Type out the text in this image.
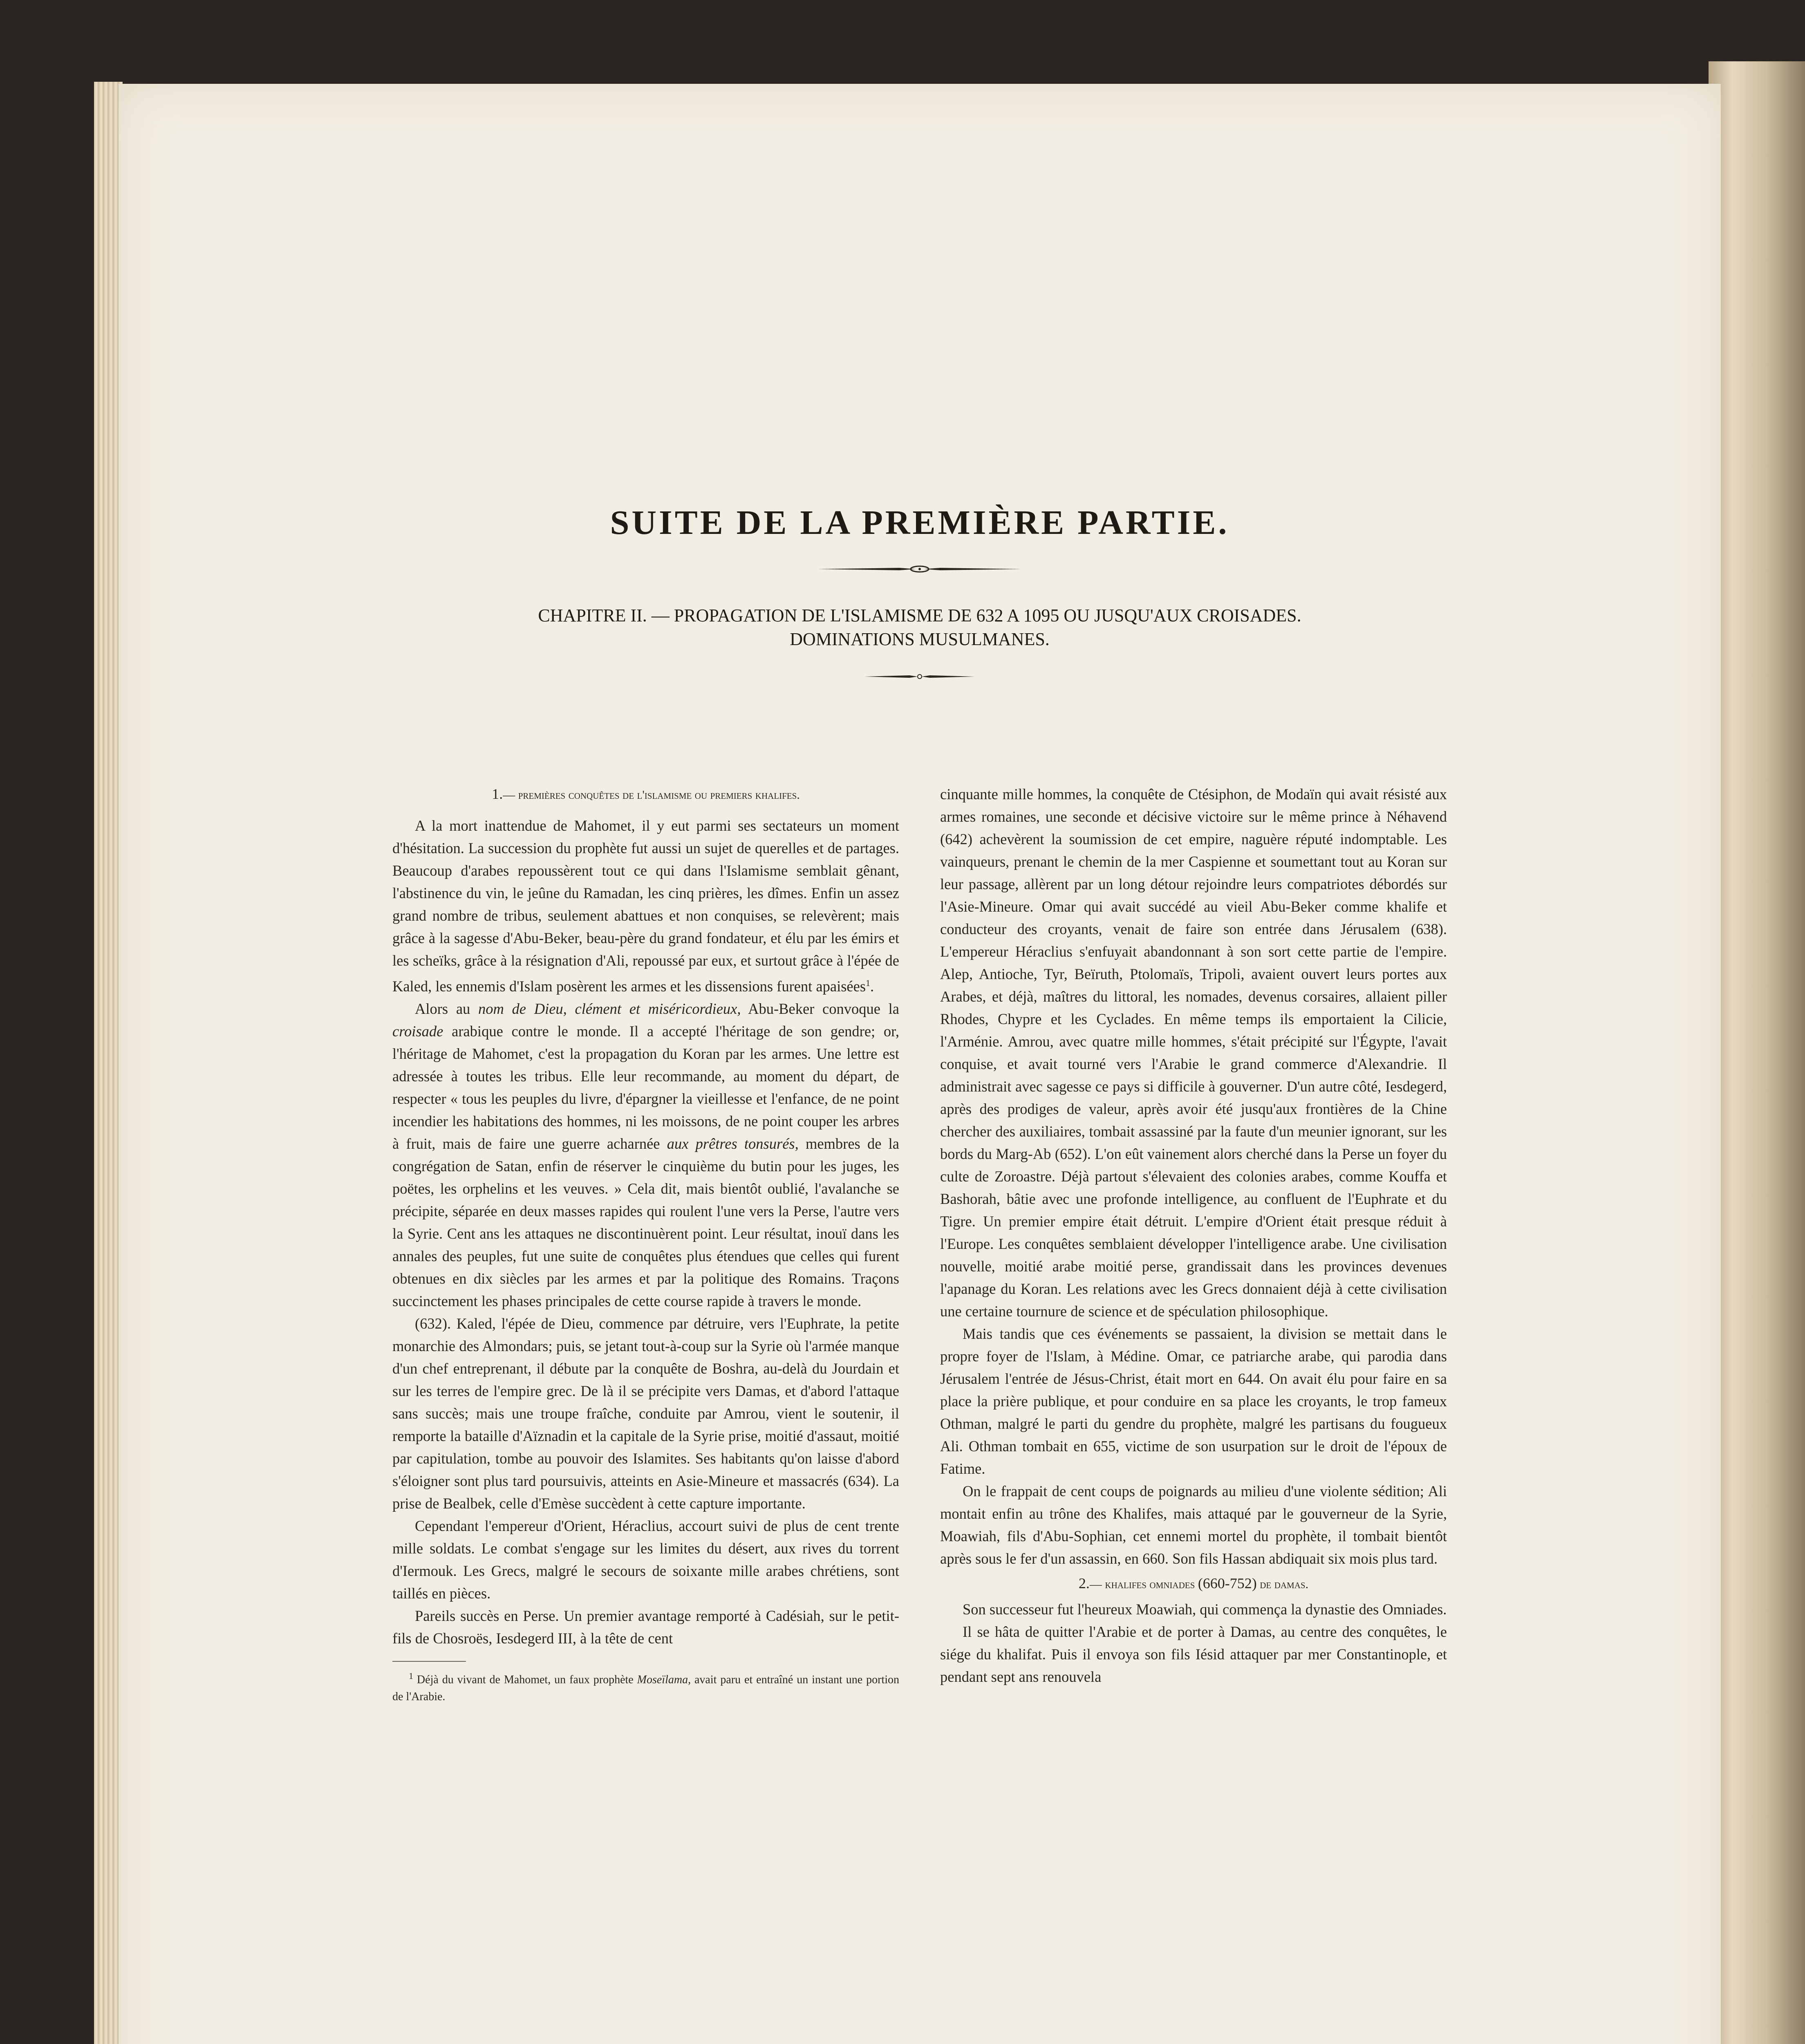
SUITE DE LA PREMIÈRE PARTIE.
CHAPITRE II. — PROPAGATION DE L'ISLAMISME DE 632 A 1095 OU JUSQU'AUX CROISADES.
DOMINATIONS MUSULMANES.
1.— premières conquêtes de l'islamisme ou premiers khalifes.

A la mort inattendue de Mahomet, il y eut parmi ses sectateurs un moment d'hésitation. La succession du prophète fut aussi un sujet de querelles et de partages. Beaucoup d'arabes repoussèrent tout ce qui dans l'Islamisme semblait gênant, l'abstinence du vin, le jeûne du Ramadan, les cinq prières, les dîmes. Enfin un assez grand nombre de tribus, seulement abattues et non conquises, se relevèrent; mais grâce à la sagesse d'Abu-Beker, beau-père du grand fondateur, et élu par les émirs et les scheïks, grâce à la résignation d'Ali, repoussé par eux, et surtout grâce à l'épée de Kaled, les ennemis d'Islam posèrent les armes et les dissensions furent apaisées$^1$.

Alors au nom de Dieu, clément et miséricordieux, Abu-Beker convoque la croisade arabique contre le monde. Il a accepté l'héritage de son gendre; or, l'héritage de Mahomet, c'est la propagation du Koran par les armes. Une lettre est adressée à toutes les tribus. Elle leur recommande, au moment du départ, de respecter « tous les peuples du livre, d'épargner la vieillesse et l'enfance, de ne point incendier les habitations des hommes, ni les moissons, de ne point couper les arbres à fruit, mais de faire une guerre acharnée aux prêtres tonsurés, membres de la congrégation de Satan, enfin de réserver le cinquième du butin pour les juges, les poëtes, les orphelins et les veuves. » Cela dit, mais bientôt oublié, l'avalanche se précipite, séparée en deux masses rapides qui roulent l'une vers la Perse, l'autre vers la Syrie. Cent ans les attaques ne discontinuèrent point. Leur résultat, inouï dans les annales des peuples, fut une suite de conquêtes plus étendues que celles qui furent obtenues en dix siècles par les armes et par la politique des Romains. Traçons succinctement les phases principales de cette course rapide à travers le monde.

(632). Kaled, l'épée de Dieu, commence par détruire, vers l'Euphrate, la petite monarchie des Almondars; puis, se jetant tout-à-coup sur la Syrie où l'armée manque d'un chef entreprenant, il débute par la conquête de Boshra, au-delà du Jourdain et sur les terres de l'empire grec. De là il se précipite vers Damas, et d'abord l'attaque sans succès; mais une troupe fraîche, conduite par Amrou, vient le soutenir, il remporte la bataille d'Aïznadin et la capitale de la Syrie prise, moitié d'assaut, moitié par capitulation, tombe au pouvoir des Islamites. Ses habitants qu'on laisse d'abord s'éloigner sont plus tard poursuivis, atteints en Asie-Mineure et massacrés (634). La prise de Bealbek, celle d'Emèse succèdent à cette capture importante.

Cependant l'empereur d'Orient, Héraclius, accourt suivi de plus de cent trente mille soldats. Le combat s'engage sur les limites du désert, aux rives du torrent d'Iermouk. Les Grecs, malgré le secours de soixante mille arabes chrétiens, sont taillés en pièces.

Pareils succès en Perse. Un premier avantage remporté à Cadésiah, sur le petit-fils de Chosroës, Iesdegerd III, à la tête de cent

$^1$ Déjà du vivant de Mahomet, un faux prophète Moseïlama, avait paru et entraîné un instant une portion de l'Arabie.

cinquante mille hommes, la conquête de Ctésiphon, de Modaïn qui avait résisté aux armes romaines, une seconde et décisive victoire sur le même prince à Néhavend (642) achevèrent la soumission de cet empire, naguère réputé indomptable. Les vainqueurs, prenant le chemin de la mer Caspienne et soumettant tout au Koran sur leur passage, allèrent par un long détour rejoindre leurs compatriotes débordés sur l'Asie-Mineure. Omar qui avait succédé au vieil Abu-Beker comme khalife et conducteur des croyants, venait de faire son entrée dans Jérusalem (638). L'empereur Héraclius s'enfuyait abandonnant à son sort cette partie de l'empire. Alep, Antioche, Tyr, Beïruth, Ptolomaïs, Tripoli, avaient ouvert leurs portes aux Arabes, et déjà, maîtres du littoral, les nomades, devenus corsaires, allaient piller Rhodes, Chypre et les Cyclades. En même temps ils emportaient la Cilicie, l'Arménie. Amrou, avec quatre mille hommes, s'était précipité sur l'Égypte, l'avait conquise, et avait tourné vers l'Arabie le grand commerce d'Alexandrie. Il administrait avec sagesse ce pays si difficile à gouverner. D'un autre côté, Iesdegerd, après des prodiges de valeur, après avoir été jusqu'aux frontières de la Chine chercher des auxiliaires, tombait assassiné par la faute d'un meunier ignorant, sur les bords du Marg-Ab (652). L'on eût vainement alors cherché dans la Perse un foyer du culte de Zoroastre. Déjà partout s'élevaient des colonies arabes, comme Kouffa et Bashorah, bâtie avec une profonde intelligence, au confluent de l'Euphrate et du Tigre. Un premier empire était détruit. L'empire d'Orient était presque réduit à l'Europe. Les conquêtes semblaient développer l'intelligence arabe. Une civilisation nouvelle, moitié arabe moitié perse, grandissait dans les provinces devenues l'apanage du Koran. Les relations avec les Grecs donnaient déjà à cette civilisation une certaine tournure de science et de spéculation philosophique.

Mais tandis que ces événements se passaient, la division se mettait dans le propre foyer de l'Islam, à Médine. Omar, ce patriarche arabe, qui parodia dans Jérusalem l'entrée de Jésus-Christ, était mort en 644. On avait élu pour faire en sa place la prière publique, et pour conduire en sa place les croyants, le trop fameux Othman, malgré le parti du gendre du prophète, malgré les partisans du fougueux Ali. Othman tombait en 655, victime de son usurpation sur le droit de l'époux de Fatime.

On le frappait de cent coups de poignards au milieu d'une violente sédition; Ali montait enfin au trône des Khalifes, mais attaqué par le gouverneur de la Syrie, Moawiah, fils d'Abu-Sophian, cet ennemi mortel du prophète, il tombait bientôt après sous le fer d'un assassin, en 660. Son fils Hassan abdiquait six mois plus tard.

2.— khalifes omniades (660-752) de damas.

Son successeur fut l'heureux Moawiah, qui commença la dynastie des Omniades.

Il se hâta de quitter l'Arabie et de porter à Damas, au centre des conquêtes, le siége du khalifat. Puis il envoya son fils Iésid attaquer par mer Constantinople, et pendant sept ans renouvela
